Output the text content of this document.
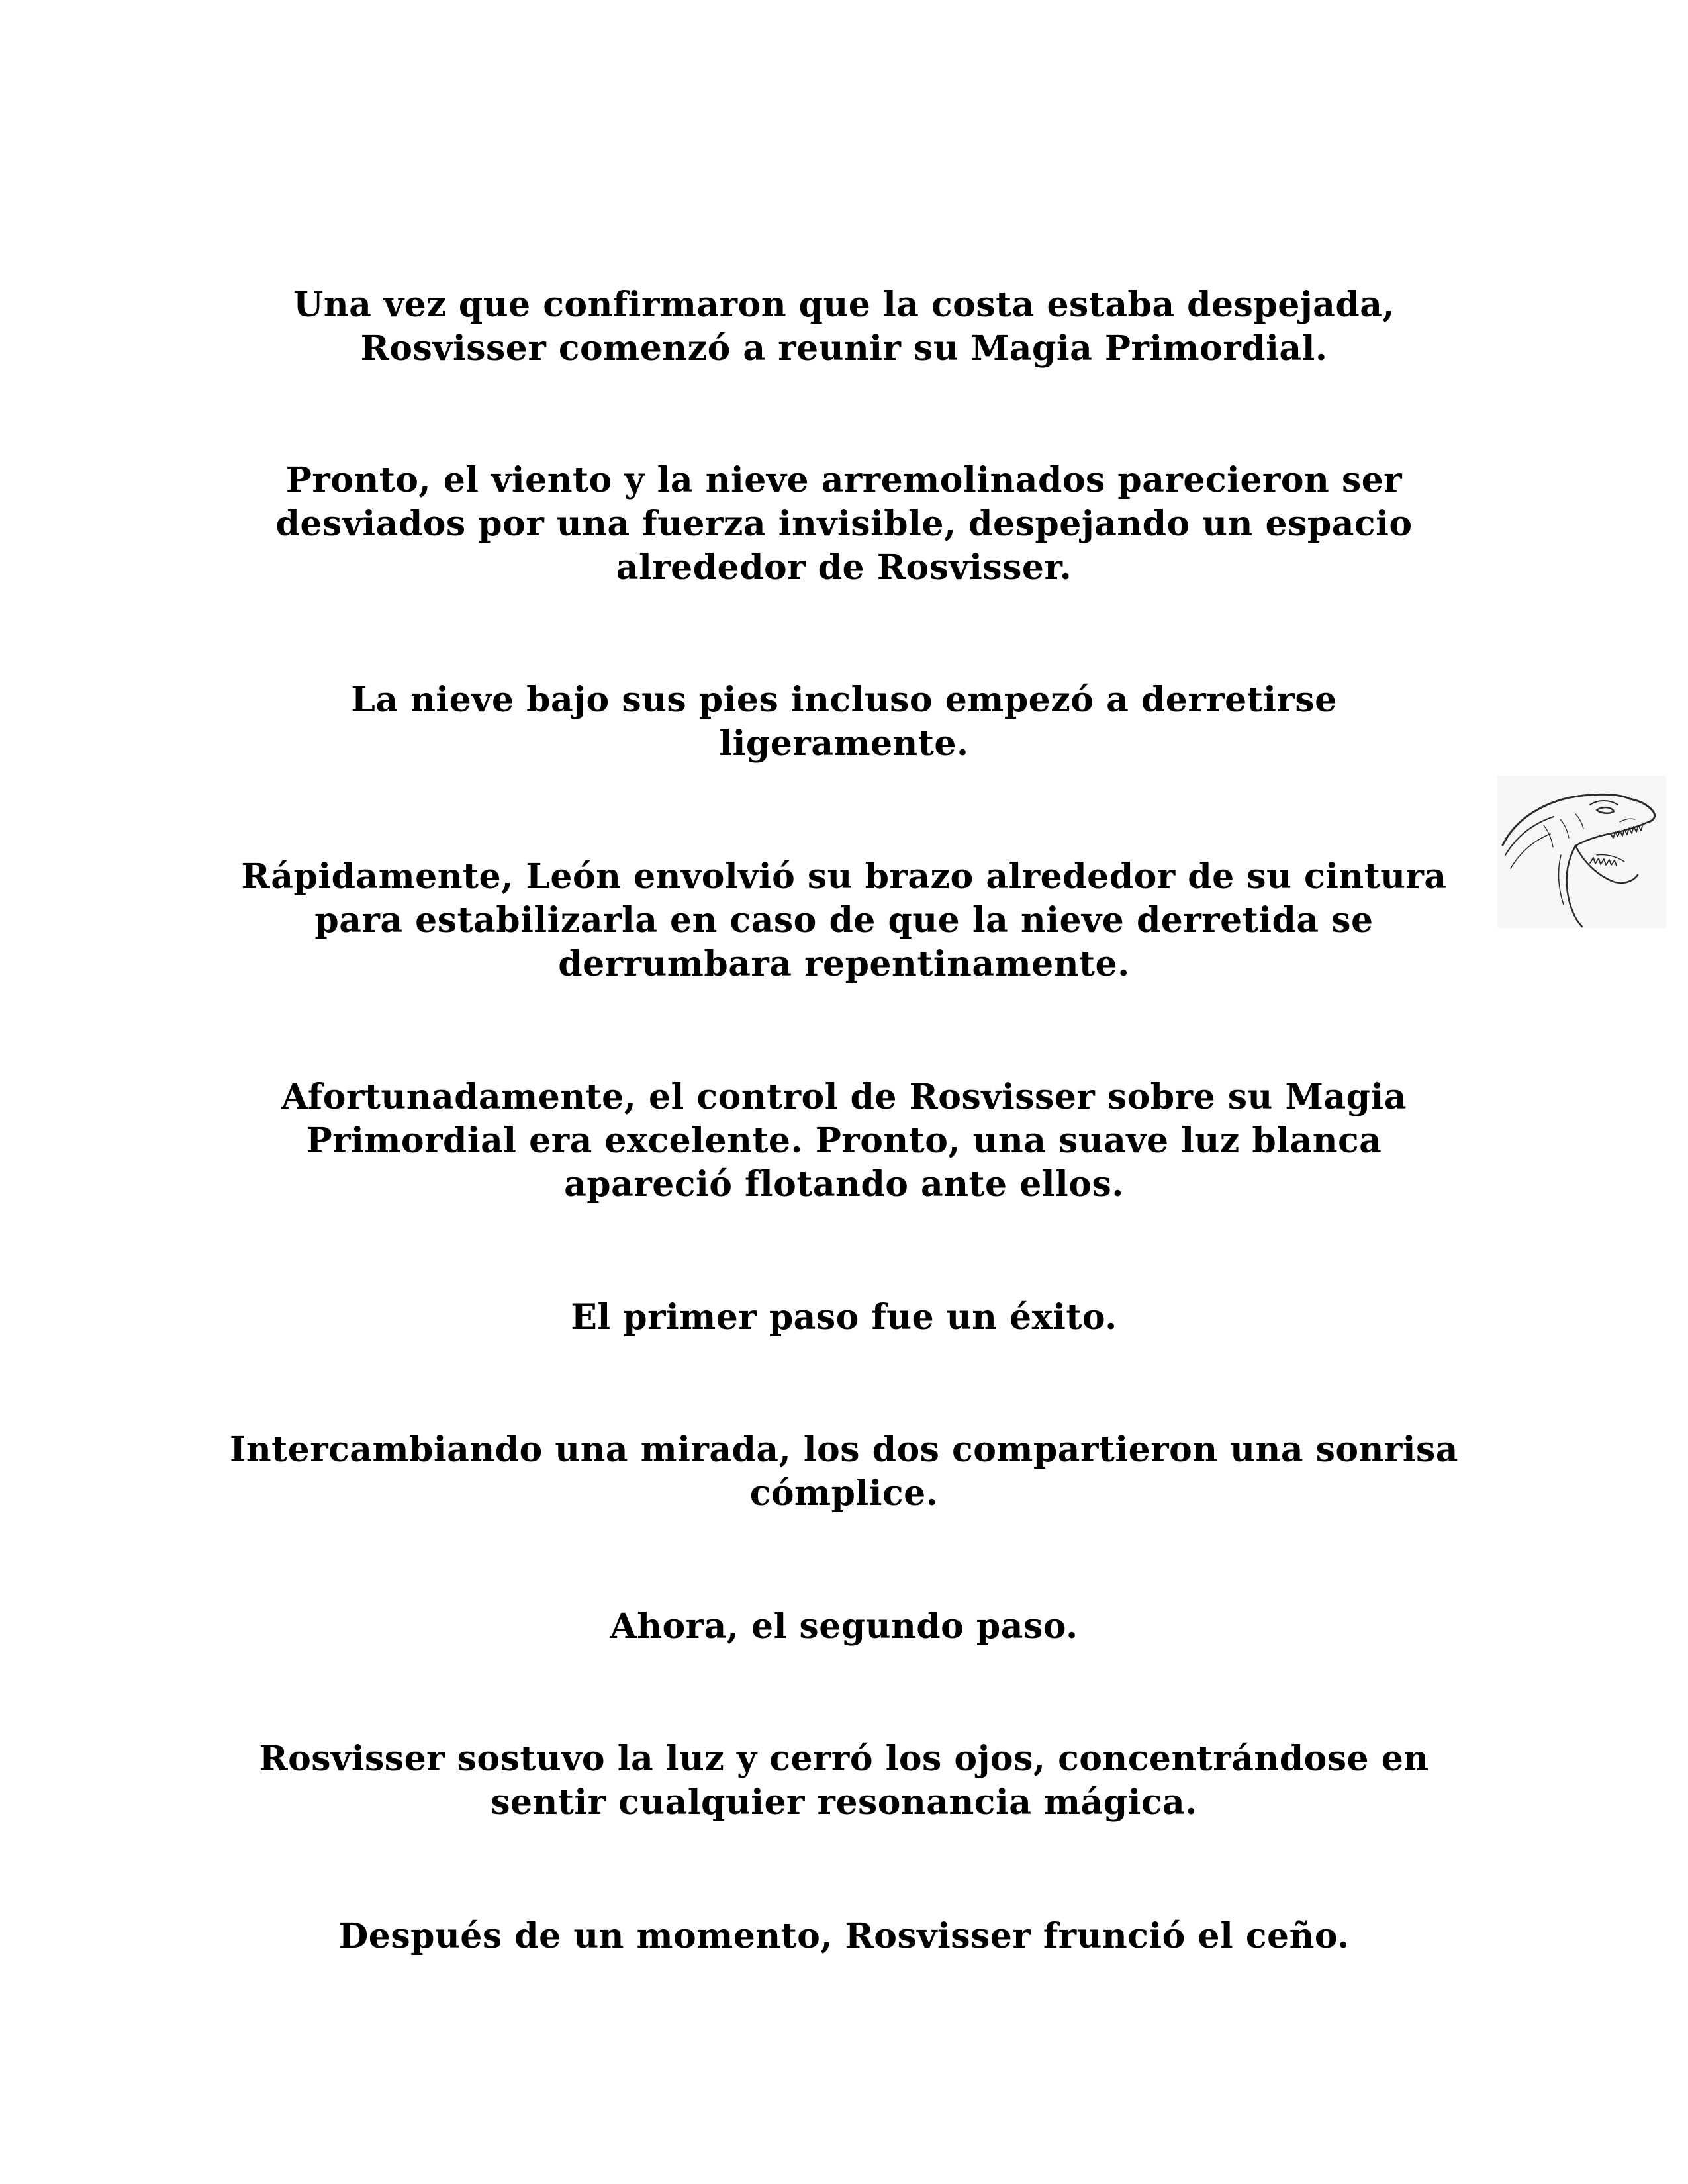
Una vez que confirmaron que la costa estaba despejada,
Rosvisser comenzó a reunir su Magia Primordial.

Pronto, el viento y la nieve arremolinados parecieron ser
desviados por una fuerza invisible, despejando un espacio
alrededor de Rosvisser.

La nieve bajo sus pies incluso empezó a derretirse
ligeramente.

Rápidamente, León envolvió su brazo alrededor de su cintura
para estabilizarla en caso de que la nieve derretida se
derrumbara repentinamente.

Afortunadamente, el control de Rosvisser sobre su Magia
Primordial era excelente. Pronto, una suave luz blanca
apareció flotando ante ellos.

El primer paso fue un éxito.

Intercambiando una mirada, los dos compartieron una sonrisa
cómplice.

Ahora, el segundo paso.

Rosvisser sostuvo la luz y cerró los ojos, concentrándose en
sentir cualquier resonancia mágica.

Después de un momento, Rosvisser frunció el ceño.
